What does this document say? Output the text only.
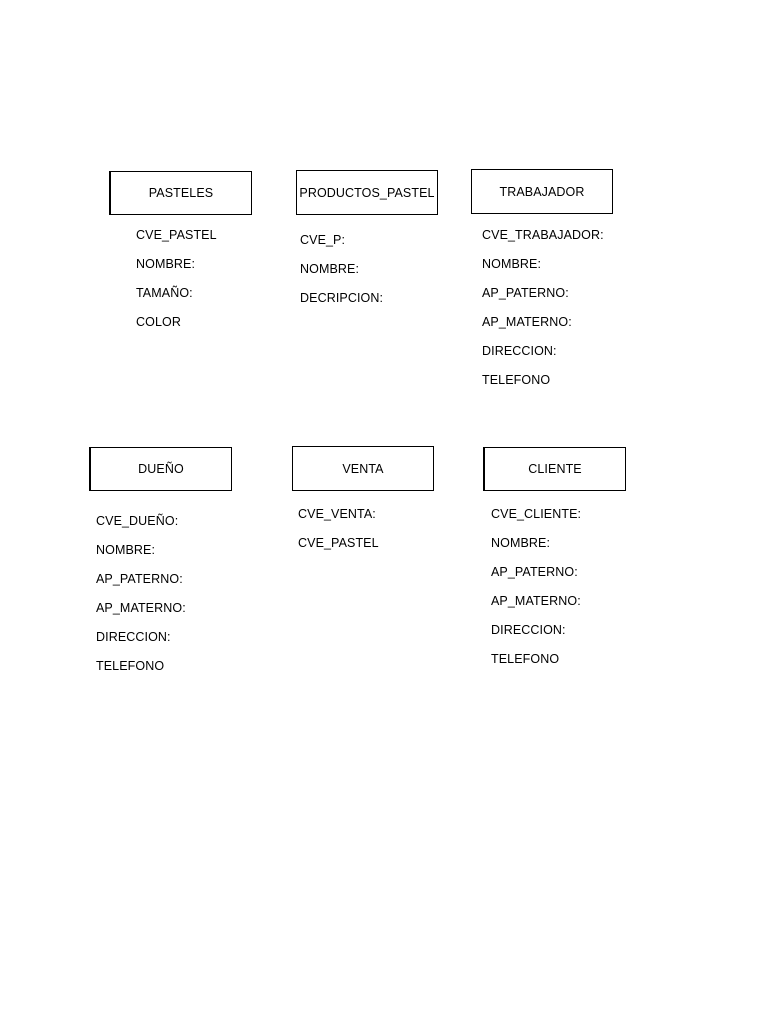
PASTELES
CVE_PASTEL
NOMBRE:
TAMAÑO:
COLOR
PRODUCTOS_PASTEL
CVE_P:
NOMBRE:
DECRIPCION:
TRABAJADOR
CVE_TRABAJADOR:
NOMBRE:
AP_PATERNO:
AP_MATERNO:
DIRECCION:
TELEFONO
DUEÑO
CVE_DUEÑO:
NOMBRE:
AP_PATERNO:
AP_MATERNO:
DIRECCION:
TELEFONO
VENTA
CVE_VENTA:
CVE_PASTEL
CLIENTE
CVE_CLIENTE:
NOMBRE:
AP_PATERNO:
AP_MATERNO:
DIRECCION:
TELEFONO
